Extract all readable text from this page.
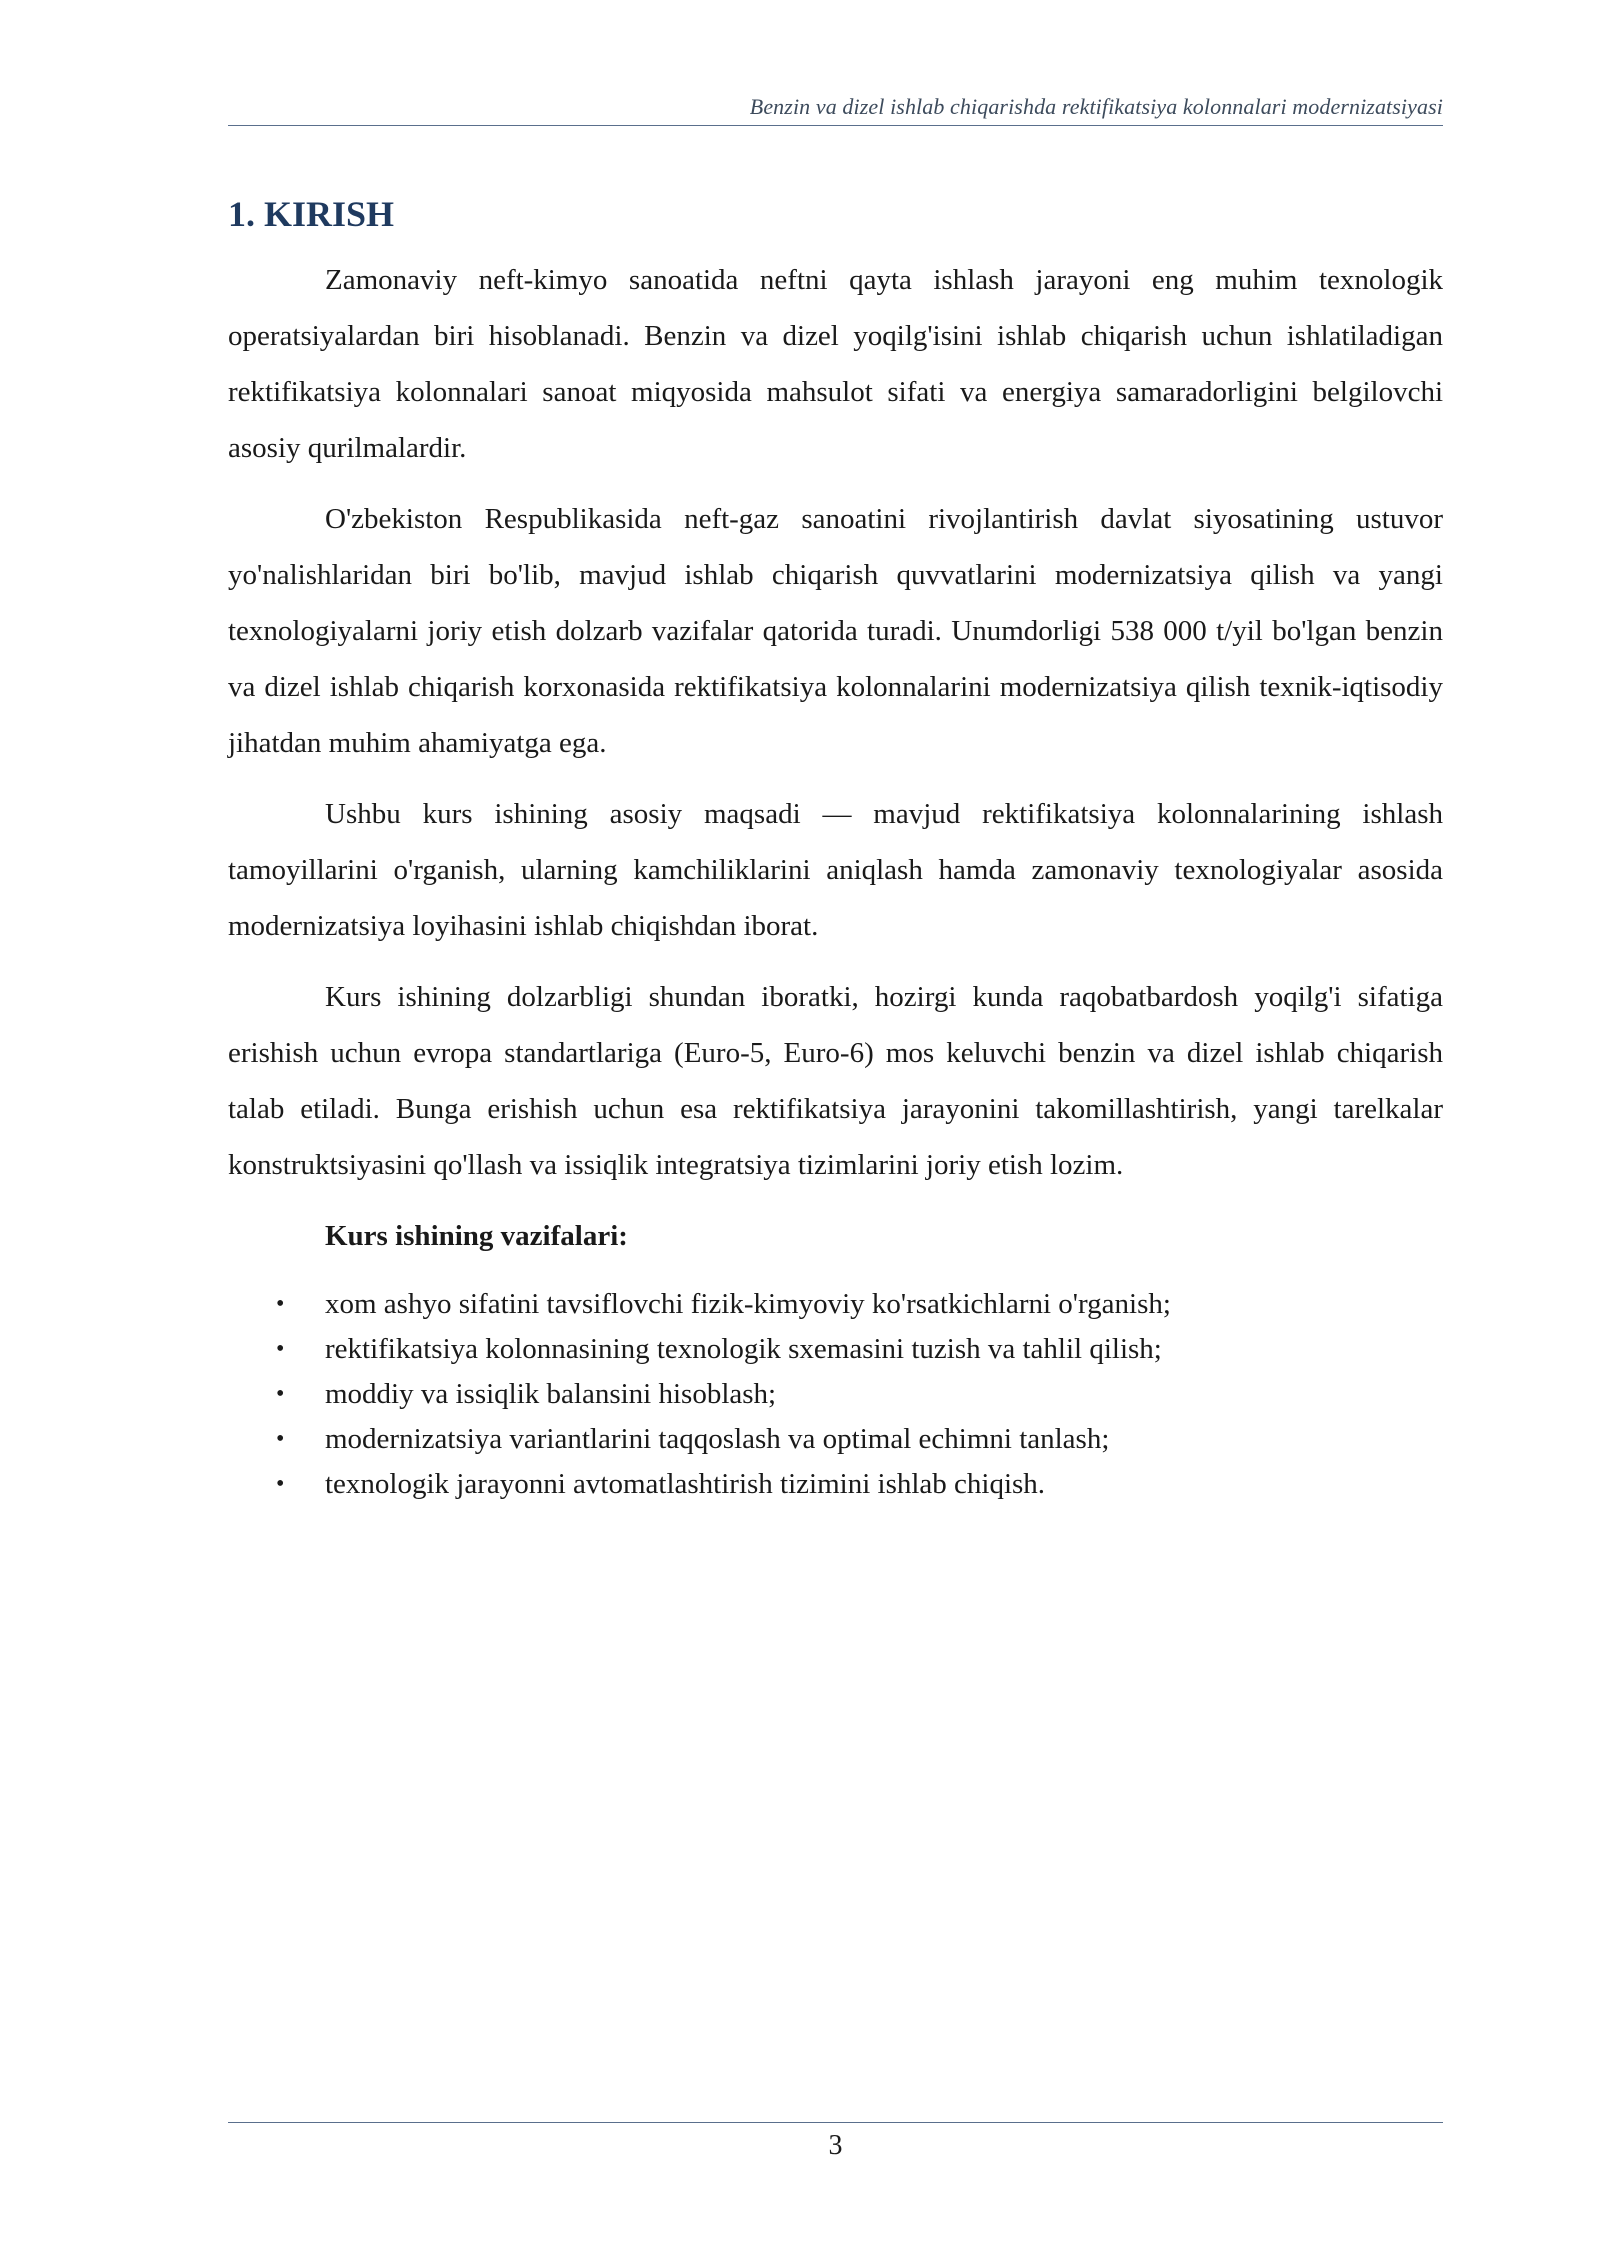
Benzin va dizel ishlab chiqarishda rektifikatsiya kolonnalari modernizatsiyasi
1. KIRISH

Zamonaviy neft-kimyo sanoatida neftni qayta ishlash jarayoni eng muhim texnologik operatsiyalardan biri hisoblanadi. Benzin va dizel yoqilg'isini ishlab chiqarish uchun ishlatiladigan rektifikatsiya kolonnalari sanoat miqyosida mahsulot sifati va energiya samaradorligini belgilovchi asosiy qurilmalardir.

O'zbekiston Respublikasida neft-gaz sanoatini rivojlantirish davlat siyosatining ustuvor yo'nalishlaridan biri bo'lib, mavjud ishlab chiqarish quvvatlarini modernizatsiya qilish va yangi texnologiyalarni joriy etish dolzarb vazifalar qatorida turadi. Unumdorligi 538 000 t/yil bo'lgan benzin va dizel ishlab chiqarish korxonasida rektifikatsiya kolonnalarini modernizatsiya qilish texnik-iqtisodiy jihatdan muhim ahamiyatga ega.

Ushbu kurs ishining asosiy maqsadi — mavjud rektifikatsiya kolonnalarining ishlash tamoyillarini o'rganish, ularning kamchiliklarini aniqlash hamda zamonaviy texnologiyalar asosida modernizatsiya loyihasini ishlab chiqishdan iborat.

Kurs ishining dolzarbligi shundan iboratki, hozirgi kunda raqobatbardosh yoqilg'i sifatiga erishish uchun evropa standartlariga (Euro-5, Euro-6) mos keluvchi benzin va dizel ishlab chiqarish talab etiladi. Bunga erishish uchun esa rektifikatsiya jarayonini takomillashtirish, yangi tarelkalar konstruktsiyasini qo'llash va issiqlik integratsiya tizimlarini joriy etish lozim.

Kurs ishining vazifalari:
• xom ashyo sifatini tavsiflovchi fizik-kimyoviy ko'rsatkichlarni o'rganish;
• rektifikatsiya kolonnasining texnologik sxemasini tuzish va tahlil qilish;
• moddiy va issiqlik balansini hisoblash;
• modernizatsiya variantlarini taqqoslash va optimal echimni tanlash;
• texnologik jarayonni avtomatlashtirish tizimini ishlab chiqish.
3
